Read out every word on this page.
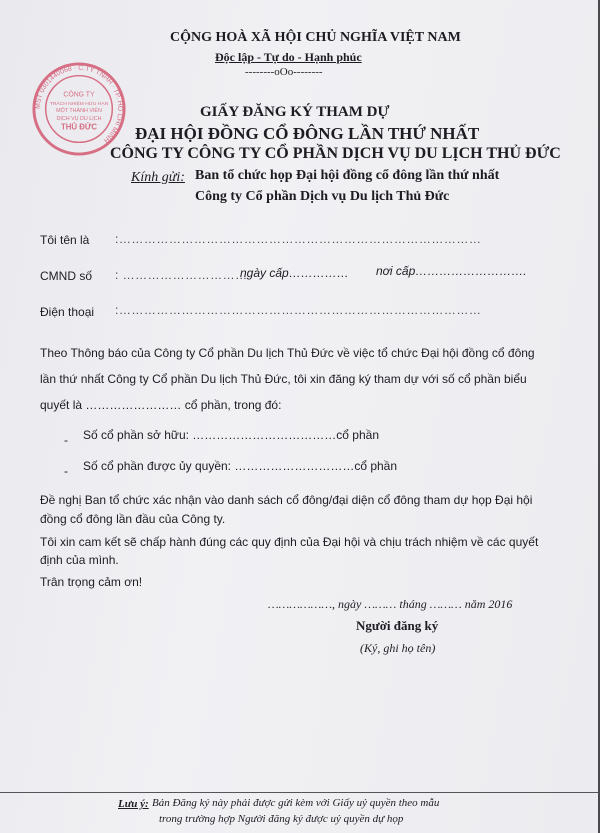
CỘNG HOÀ XÃ HỘI CHỦ NGHĨA VIỆT NAM
Độc lập - Tự do - Hạnh phúc
--------oOo--------
MST 0301440068 · C.TY TNHH · TP. HỒ CHÍ MINH
CÔNG TY
TRÁCH NHIỆM HỮU HẠN
MỘT THÀNH VIÊN
DỊCH VỤ DU LỊCH
THỦ ĐỨC
GIẤY ĐĂNG KÝ THAM DỰ
ĐẠI HỘI ĐỒNG CỔ ĐÔNG LẦN THỨ NHẤT
CÔNG TY CÔNG TY CỔ PHẦN DỊCH VỤ DU LỊCH THỦ ĐỨC
Kính gửi: Ban tổ chức họp Đại hội đồng cổ đông lần thứ nhất
Công ty Cổ phần Dịch vụ Du lịch Thủ Đức
Tôi tên là :……………………………………………………………………………
CMND số : …………………………
ngày cấp…………… nơi cấp……………………….
Điện thoại :……………………………………………………………………………
Theo Thông báo của Công ty Cổ phần Du lịch Thủ Đức về việc tổ chức Đại hội đồng cổ đông
lần thứ nhất Công ty Cổ phần Du lịch Thủ Đức, tôi xin đăng ký tham dự với số cổ phần biểu
quyết là …………………… cổ phần, trong đó:
- Số cổ phần sở hữu: ………………………………cổ phần
- Số cổ phần được ủy quyền: …………………………cổ phần
Đề nghị Ban tổ chức xác nhận vào danh sách cổ đông/đại diện cổ đông tham dự họp Đại hội
đồng cổ đông lần đầu của Công ty.
Tôi xin cam kết sẽ chấp hành đúng các quy định của Đại hội và chịu trách nhiệm về các quyết
định của mình.
Trân trọng cảm ơn!
………………, ngày ……… tháng ……… năm 2016
Người đăng ký
(Ký, ghi họ tên)
Lưu ý: Bản Đăng ký này phải được gửi kèm với Giấy uỷ quyền theo mẫu
trong trường hợp Người đăng ký được uỷ quyền dự họp
